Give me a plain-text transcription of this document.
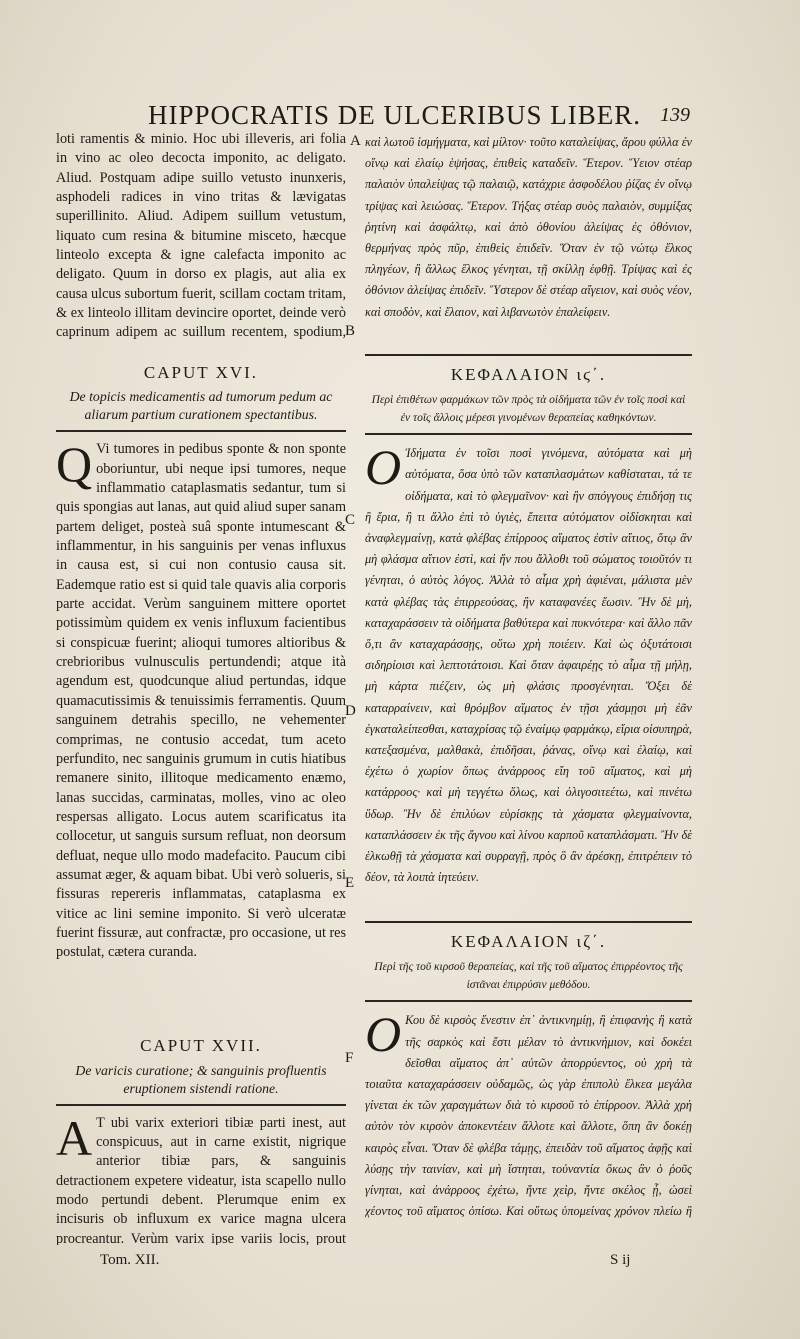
HIPPOCRATIS DE ULCERIBUS LIBER. 139
A
B
C
D
E
F

loti ramentis & minio. Hoc ubi illeveris, ari folia in vino ac oleo decocta imponito, ac deligato. Aliud. Postquam adipe suillo vetusto inunxeris, asphodeli radices in vino tritas & lævigatas superillinito. Aliud. Adipem suillum vetustum, liquato cum resina & bitumine misceto, hæcque linteolo excepta & igne calefacta imponito ac deligato. Quum in dorso ex plagis, aut alia ex causa ulcus subortum fuerit, scillam coctam tritam, & ex linteolo illitam devincire oportet, deinde verò caprinum adipem ac suillum recentem, spodium,

CAPUT XVI.

De topicis medicamentis ad tumorum pedum ac aliarum partium curationem spectantibus.

Q Vi tumores in pedibus sponte & non sponte oboriuntur, ubi neque ipsi tumores, neque inflammatio cataplasmatis sedantur, tum si quis spongias aut lanas, aut quid aliud super sanam partem deliget, posteà suâ sponte intumescant & inflammentur, in his sanguinis per venas influxus in causa est, si cui non contusio causa sit. Eademque ratio est si quid tale quavis alia corporis parte accidat. Verùm sanguinem mittere oportet potissimùm quidem ex venis influxum facientibus si conspicuæ fuerint; alioqui tumores altioribus & crebrioribus vulnusculis pertundendi; atque ità agendum est, quodcunque aliud pertundas, idque quamacutissimis & tenuissimis ferramentis. Quum sanguinem detrahis specillo, ne vehementer comprimas, ne contusio accedat, tum aceto perfundito, nec sanguinis grumum in cutis hiatibus remanere sinito, illitoque medicamento enæmo, lanas succidas, carminatas, molles, vino ac oleo respersas alligato. Locus autem scarificatus ita collocetur, ut sanguis sursum refluat, non deorsum defluat, neque ullo modo madefacito. Paucum cibi assumat æger, & aquam bibat. Ubi verò solueris, si fissuras repereris inflammatas, cataplasma ex vitice ac lini semine imponito. Si verò ulceratæ fuerint fissuræ, aut confractæ, pro occasione, ut res postulat, cætera curanda.

CAPUT XVII.

De varicis curatione; & sanguinis profluentis eruptionem sistendi ratione.

A T ubi varix exteriori tibiæ parti inest, aut conspicuus, aut in carne existit, nigrique anterior tibiæ pars, & sanguinis detractionem expetere videatur, ista scapello nullo modo pertundi debent. Plerumque enim ex incisuris ob influxum ex varice magna ulcera procreantur. Verùm varix ipse variis locis, prout

καὶ λωτοῦ ἰσμήγματα, καὶ μίλτον· τοῦτο καταλείψας, ἄρου φύλλα ἐν οἴνῳ καὶ ἐλαίῳ ἑψήσας, ἐπιθεὶς καταδεῖν. Ἕτερον. Ὕειον στέαρ παλαιὸν ὑπαλείψας τῷ παλαιῷ, κατάχριε ἀσφοδέλου ῥίζας ἐν οἴνῳ τρίψας καὶ λειώσας. Ἕτερον. Τήξας στέαρ συὸς παλαιὸν, συμμίξας ῥητίνη καὶ ἀσφάλτῳ, καὶ ἀπὸ ὀθονίου ἀλείψας ἐς ὀθόνιον, θερμήνας πρὸς πῦρ, ἐπιθεὶς ἐπιδεῖν. Ὅταν ἐν τῷ νώτῳ ἕλκος πληγέων, ἢ ἄλλως ἕλκος γένηται, τῇ σκίλλῃ ἑφθῇ. Τρίψας καὶ ἐς ὀθόνιον ἀλείψας ἐπιδεῖν. Ὕστερον δὲ στέαρ αἴγειον, καὶ συὸς νέον, καὶ σποδὸν, καὶ ἔλαιον, καὶ λιβανωτὸν ἐπαλείφειν.

ΚΕΦΑΛΑΙΟΝ ιϛ΄.

Περὶ ἐπιθέτων φαρμάκων τῶν πρὸς τὰ οἰδήματα τῶν ἐν τοῖς ποσὶ καὶ ἐν τοῖς ἄλλοις μέρεσι γινομένων θεραπείας καθηκόντων.

Ο Ἰδήματα ἐν τοῖσι ποσὶ γινόμενα, αὐτόματα καὶ μὴ αὐτόματα, ὅσα ὑπὸ τῶν καταπλασμάτων καθίσταται, τά τε οἰδήματα, καὶ τὸ φλεγμαῖνον· καὶ ἢν σπόγγους ἐπιδήσῃ τις ἢ ἔρια, ἢ τι ἄλλο ἐπὶ τὸ ὑγιὲς, ἔπειτα αὐτόματον οἰδίσκηται καὶ ἀναφλεγμαίνῃ, κατὰ φλέβας ἐπίρροος αἵματος ἐστὶν αἴτιος, ὅτῳ ἂν μὴ φλάσμα αἴτιον ἐστὶ, καὶ ἤν που ἄλλοθι τοῦ σώματος τοιοῦτόν τι γένηται, ὁ αὐτὸς λόγος. Ἀλλὰ τὸ αἷμα χρὴ ἀφιέναι, μάλιστα μὲν κατὰ φλέβας τὰς ἐπιρρεούσας, ἢν καταφανέες ἔωσιν. Ἢν δὲ μὴ, καταχαράσσειν τὰ οἰδήματα βαθύτερα καὶ πυκνότερα· καὶ ἄλλο πᾶν ὅ,τι ἂν καταχαράσσῃς, οὕτω χρὴ ποιέειν. Καὶ ὡς ὀξυτάτοισι σιδηρίοισι καὶ λεπτοτάτοισι. Καὶ ὅταν ἀφαιρέῃς τὸ αἷμα τῇ μήλῃ, μὴ κάρτα πιέζειν, ὡς μὴ φλάσις προσγένηται. Ὄξει δὲ καταρραίνειν, καὶ θρόμβον αἵματος ἐν τῇσι χάσμῃσι μὴ ἐᾶν ἐγκαταλείπεσθαι, καταχρίσας τῷ ἐναίμῳ φαρμάκῳ, εἴρια οἰσυπηρὰ, κατεξασμένα, μαλθακὰ, ἐπιδῆσαι, ῥάνας, οἴνῳ καὶ ἐλαίῳ, καὶ ἐχέτω ὁ χωρίον ὅπως ἀνάρροος εἴη τοῦ αἵματος, καὶ μὴ κατάρροος· καὶ μὴ τεγγέτω ὅλως, καὶ ὀλιγοσιτεέτω, καὶ πινέτω ὕδωρ. Ἢν δὲ ἐπιλύων εὑρίσκῃς τὰ χάσματα φλεγμαίνοντα, καταπλάσσειν ἐκ τῆς ἄγνου καὶ λίνου καρποῦ καταπλάσματι. Ἢν δὲ ἑλκωθῇ τὰ χάσματα καὶ συρραγῇ, πρὸς ὃ ἂν ἀρέσκῃ, ἐπιτρέπειν τὸ δέον, τὰ λοιπὰ ἰητεύειν.

ΚΕΦΑΛΑΙΟΝ ιζ΄.

Περὶ τῆς τοῦ κιρσοῦ θεραπείας, καὶ τῆς τοῦ αἵματος ἐπιρρέοντος τῆς ἱστᾶναι ἐπιρρύσιν μεθόδου.

Ο Κου δὲ κιρσὸς ἔνεστιν ἐπ᾽ ἀντικνημίῃ, ἢ ἐπιφανὴς ἢ κατὰ τῆς σαρκὸς καὶ ἔστι μέλαν τὸ ἀντικνήμιον, καὶ δοκέει δεῖσθαι αἵματος ἀπ᾽ αὐτῶν ἀπορρύεντος, οὐ χρὴ τὰ τοιαῦτα καταχαράσσειν οὐδαμῶς, ὡς γὰρ ἐπιπολὺ ἕλκεα μεγάλα γίνεται ἐκ τῶν χαραγμάτων διὰ τὸ κιρσοῦ τὸ ἐπίρροον. Ἀλλὰ χρὴ αὐτὸν τὸν κιρσὸν ἀποκεντέειν ἄλλοτε καὶ ἄλλοτε, ὅπη ἂν δοκέῃ καιρὸς εἶναι. Ὅταν δὲ φλέβα τάμῃς, ἐπειδὰν τοῦ αἵματος ἀφῇς καὶ λύσῃς τὴν ταινίαν, καὶ μὴ ἵστηται, τοὐναντία ὅκως ἂν ὁ ῥοῦς γίνηται, καὶ ἀνάρροος ἐχέτω, ἤντε χεὶρ, ἤντε σκέλος ᾖ, ὡσεὶ χέοντος τοῦ αἵματος ὀπίσω. Καὶ οὕτως ὑπομείνας χρόνον πλείω ἢ
Tom. XII.	S ij
